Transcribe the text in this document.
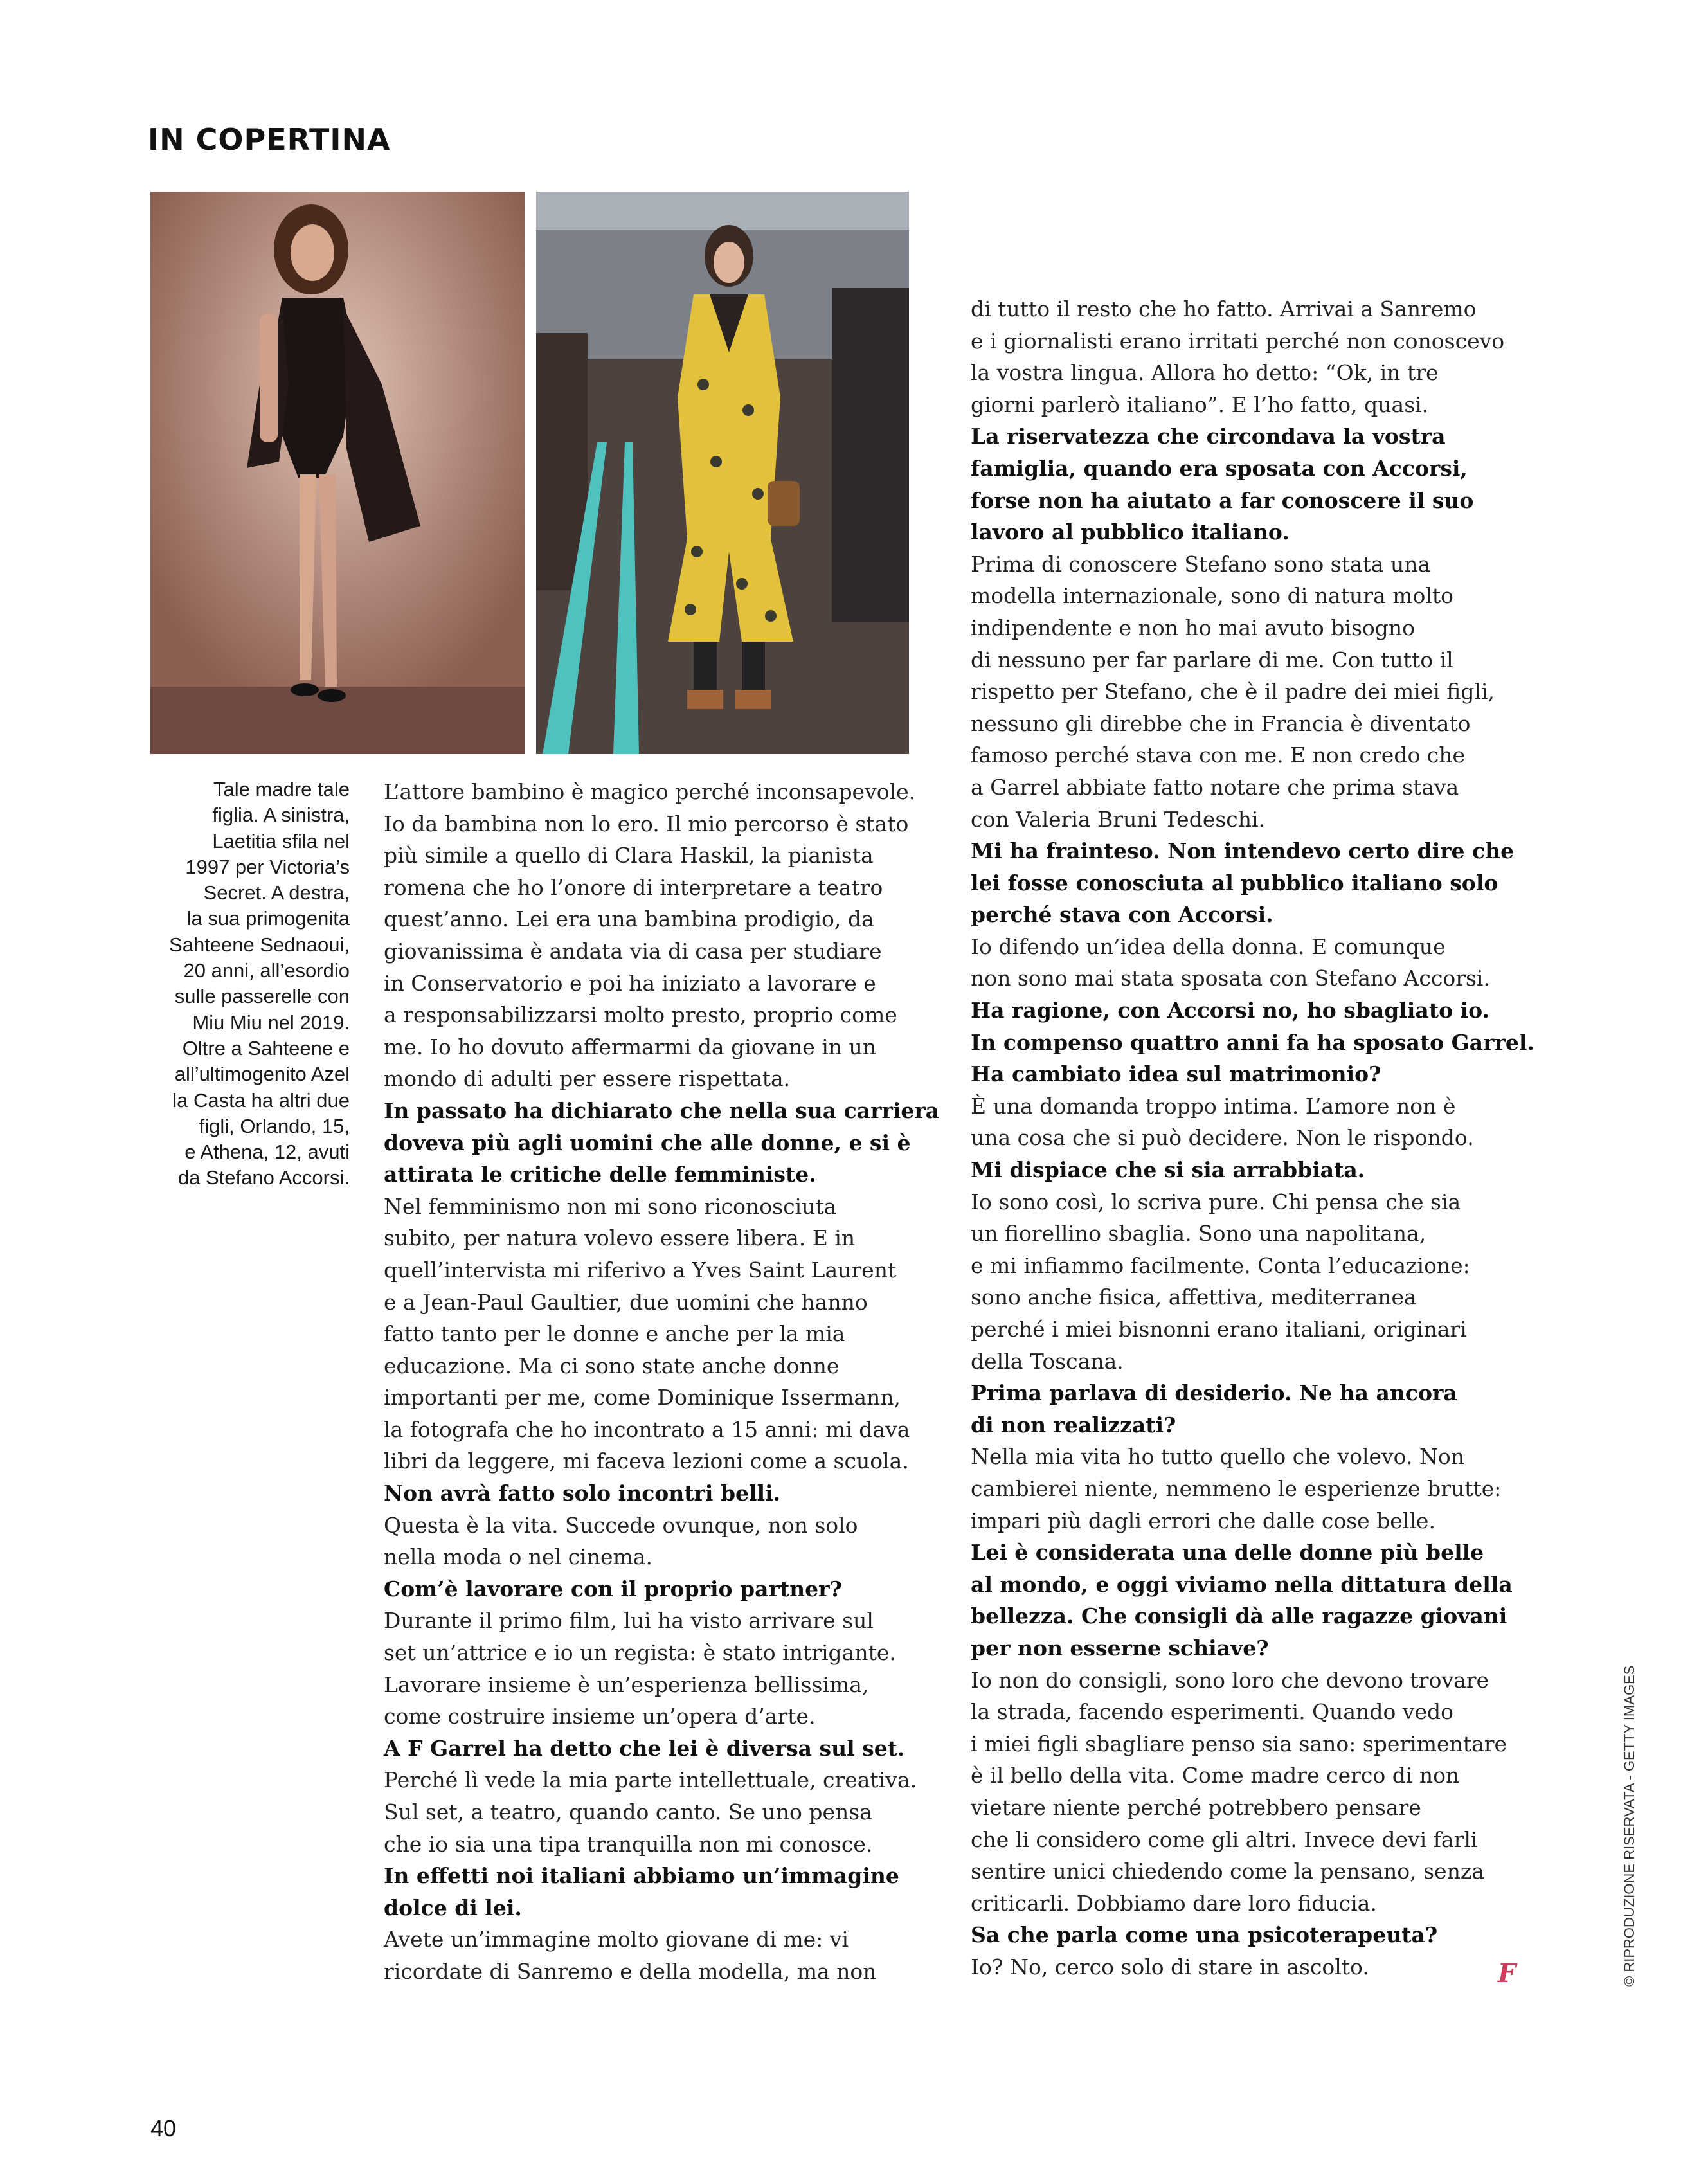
IN COPERTINA

Tale madre tale

figlia. A sinistra,

Laetitia sfila nel

1997 per Victoria’s

Secret. A destra,

la sua primogenita

Sahteene Sednaoui,

20 anni, all’esordio

sulle passerelle con

Miu Miu nel 2019.

Oltre a Sahteene e

all’ultimogenito Azel

la Casta ha altri due

figli, Orlando, 15,

e Athena, 12, avuti

da Stefano Accorsi.

L’attore bambino è magico perché inconsapevole.

Io da bambina non lo ero. Il mio percorso è stato

più simile a quello di Clara Haskil, la pianista

romena che ho l’onore di interpretare a teatro

quest’anno. Lei era una bambina prodigio, da

giovanissima è andata via di casa per studiare

in Conservatorio e poi ha iniziato a lavorare e

a responsabilizzarsi molto presto, proprio come

me. Io ho dovuto affermarmi da giovane in un

mondo di adulti per essere rispettata.

In passato ha dichiarato che nella sua carriera

doveva più agli uomini che alle donne, e si è

attirata le critiche delle femministe.

Nel femminismo non mi sono riconosciuta

subito, per natura volevo essere libera. E in

quell’intervista mi riferivo a Yves Saint Laurent

e a Jean-Paul Gaultier, due uomini che hanno

fatto tanto per le donne e anche per la mia

educazione. Ma ci sono state anche donne

importanti per me, come Dominique Issermann,

la fotografa che ho incontrato a 15 anni: mi dava

libri da leggere, mi faceva lezioni come a scuola.

Non avrà fatto solo incontri belli.

Questa è la vita. Succede ovunque, non solo

nella moda o nel cinema.

Com’è lavorare con il proprio partner?

Durante il primo film, lui ha visto arrivare sul

set un’attrice e io un regista: è stato intrigante.

Lavorare insieme è un’esperienza bellissima,

come costruire insieme un’opera d’arte.

A F Garrel ha detto che lei è diversa sul set.

Perché lì vede la mia parte intellettuale, creativa.

Sul set, a teatro, quando canto. Se uno pensa

che io sia una tipa tranquilla non mi conosce.

In effetti noi italiani abbiamo un’immagine

dolce di lei.

Avete un’immagine molto giovane di me: vi

ricordate di Sanremo e della modella, ma non

di tutto il resto che ho fatto. Arrivai a Sanremo

e i giornalisti erano irritati perché non conoscevo

la vostra lingua. Allora ho detto: “Ok, in tre

giorni parlerò italiano”. E l’ho fatto, quasi.

La riservatezza che circondava la vostra

famiglia, quando era sposata con Accorsi,

forse non ha aiutato a far conoscere il suo

lavoro al pubblico italiano.

Prima di conoscere Stefano sono stata una

modella internazionale, sono di natura molto

indipendente e non ho mai avuto bisogno

di nessuno per far parlare di me. Con tutto il

rispetto per Stefano, che è il padre dei miei figli,

nessuno gli direbbe che in Francia è diventato

famoso perché stava con me. E non credo che

a Garrel abbiate fatto notare che prima stava

con Valeria Bruni Tedeschi.

Mi ha frainteso. Non intendevo certo dire che

lei fosse conosciuta al pubblico italiano solo

perché stava con Accorsi.

Io difendo un’idea della donna. E comunque

non sono mai stata sposata con Stefano Accorsi.

Ha ragione, con Accorsi no, ho sbagliato io.

In compenso quattro anni fa ha sposato Garrel.

Ha cambiato idea sul matrimonio?

È una domanda troppo intima. L’amore non è

una cosa che si può decidere. Non le rispondo.

Mi dispiace che si sia arrabbiata.

Io sono così, lo scriva pure. Chi pensa che sia

un fiorellino sbaglia. Sono una napolitana,

e mi infiammo facilmente. Conta l’educazione:

sono anche fisica, affettiva, mediterranea

perché i miei bisnonni erano italiani, originari

della Toscana.

Prima parlava di desiderio. Ne ha ancora

di non realizzati?

Nella mia vita ho tutto quello che volevo. Non

cambierei niente, nemmeno le esperienze brutte:

impari più dagli errori che dalle cose belle.

Lei è considerata una delle donne più belle

al mondo, e oggi viviamo nella dittatura della

bellezza. Che consigli dà alle ragazze giovani

per non esserne schiave?

Io non do consigli, sono loro che devono trovare

la strada, facendo esperimenti. Quando vedo

i miei figli sbagliare penso sia sano: sperimentare

è il bello della vita. Come madre cerco di non

vietare niente perché potrebbero pensare

che li considero come gli altri. Invece devi farli

sentire unici chiedendo come la pensano, senza

criticarli. Dobbiamo dare loro fiducia.

Sa che parla come una psicoterapeuta?

Io? No, cerco solo di stare in ascolto.	F	© RIPRODUZIONE RISERVATA - GETTY IMAGES
40
